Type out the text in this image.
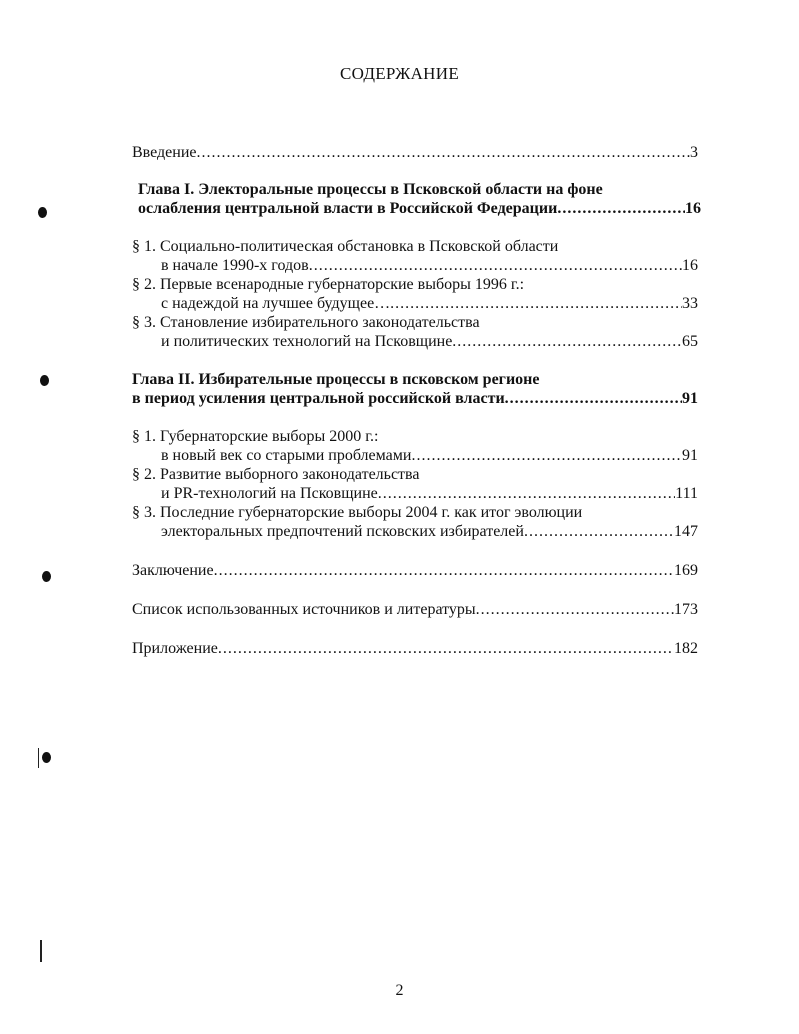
СОДЕРЖАНИЕ
Введение .....	3
Глава I. Электоральные процессы в Псковской области на фоне
ослабления центральной власти в Российской Федерации .....	16
§ 1. Социально-политическая обстановка в Псковской области
в начале 1990-х годов .....	16
§ 2. Первые всенародные губернаторские выборы 1996 г.:
с надеждой на лучшее будущее… .....	33
§ 3. Становление избирательного законодательства
и политических технологий на Псковщине .....	65
Глава II. Избирательные процессы в псковском регионе
в период усиления центральной российской власти .....	91
§ 1. Губернаторские выборы 2000 г.:
в новый век со старыми проблемами .....	91
§ 2. Развитие выборного законодательства
и PR-технологий на Псковщине .....	111
§ 3. Последние губернаторские выборы 2004 г. как итог эволюции
электоральных предпочтений псковских избирателей .....	147
Заключение .....	169
Список использованных источников и литературы .....	173
Приложение .....	182
2
